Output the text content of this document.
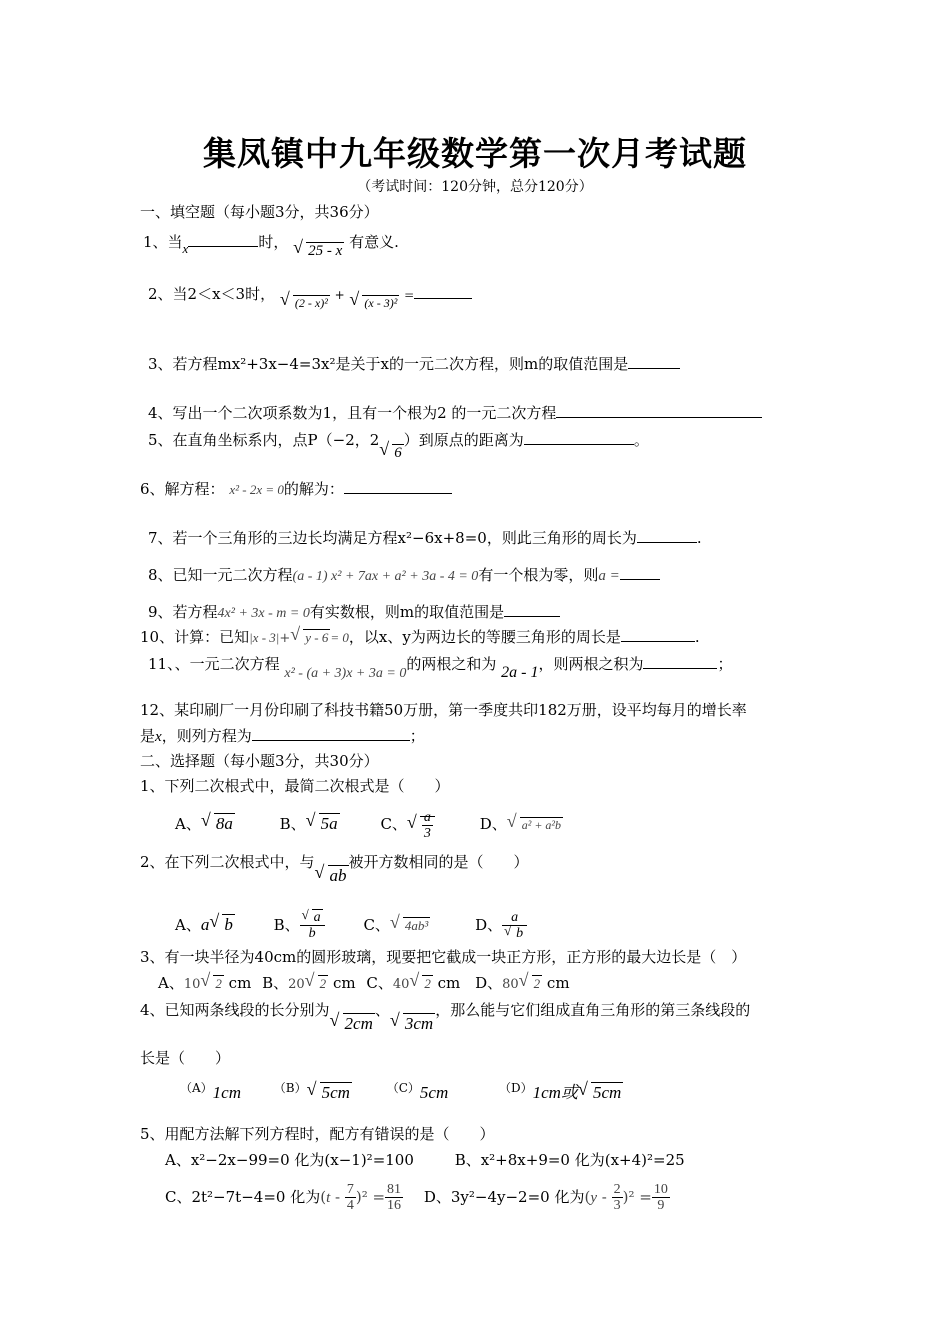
集凤镇中九年级数学第一次月考试题
（考试时间：120分钟，总分120分）
一、填空题（每小题3分，共36分）
1、当x	时， √ 25 - x 有意义.
2、当2＜x＜3时， √ (2 - x)² + √ (x - 3)² =
3、若方程mx²+3x−4=3x²是关于x的一元二次方程，则m的取值范围是
4、写出一个二次项系数为1，且有一个根为2 的一元二次方程
5、在直角坐标系内，点P（−2，2 √ 6）到原点的距离为	。
6、解方程： x² - 2x = 0的解为：
7、若一个三角形的三边长均满足方程x²−6x+8=0，则此三角形的周长为	.
8、已知一元二次方程(a - 1) x² + 7ax + a² + 3a - 4 = 0有一个根为零，则a =
9、若方程4x² + 3x - m = 0有实数根，则m的取值范围是
10、计算：已知|x - 3|+ √ y - 6 = 0，以x、y为两边长的等腰三角形的周长是	.
11、、一元二次方程 x² - (a + 3)x + 3a = 0的两根之和为 2a - 1，则两根之积为	；
12、某印刷厂一月份印刷了科技书籍50万册，第一季度共印182万册，设平均每月的增长率
是x，则列方程为	；
二、选择题（每小题3分，共30分）
1、下列二次根式中，最简二次根式是（　　）
A、 √ 8a	B、 √ 5a	C、 √ $\frac{a}{3}$	D、 √ a² + a²b
2、在下列二次根式中，与 √ ab被开方数相同的是（　　）
A、a √ b	B、 $\frac{√ a}{b}$	C、 √ 4ab³	D、 $\frac{a}{√ b}$
3、有一块半径为40cm的圆形玻璃，现要把它截成一块正方形，正方形的最大边长是（　）
A、10 √ 2 cm B、20 √ 2 cm C、40 √ 2 cm D、80 √ 2 cm
4、已知两条线段的长分别为 √ 2cm、 √ 3cm，那么能与它们组成直角三角形的第三条线段的
长是（　　）
$^{(A)}$1cm	$^{(B)}$ √ 5cm	$^{(C)}$5cm	$^{(D)}$1cm或 √ 5cm
5、用配方法解下列方程时，配方有错误的是（　　）
A、x²−2x−99=0 化为(x−1)²=100	B、x²+8x+9=0 化为(x+4)²=25
C、2t²−7t−4=0 化为$(t - \frac{7}{4} )^2 = \frac{81}{16}$ D、3y²−4y−2=0 化为$(y - \frac{2}{3} )^2 = \frac{10}{9}$
